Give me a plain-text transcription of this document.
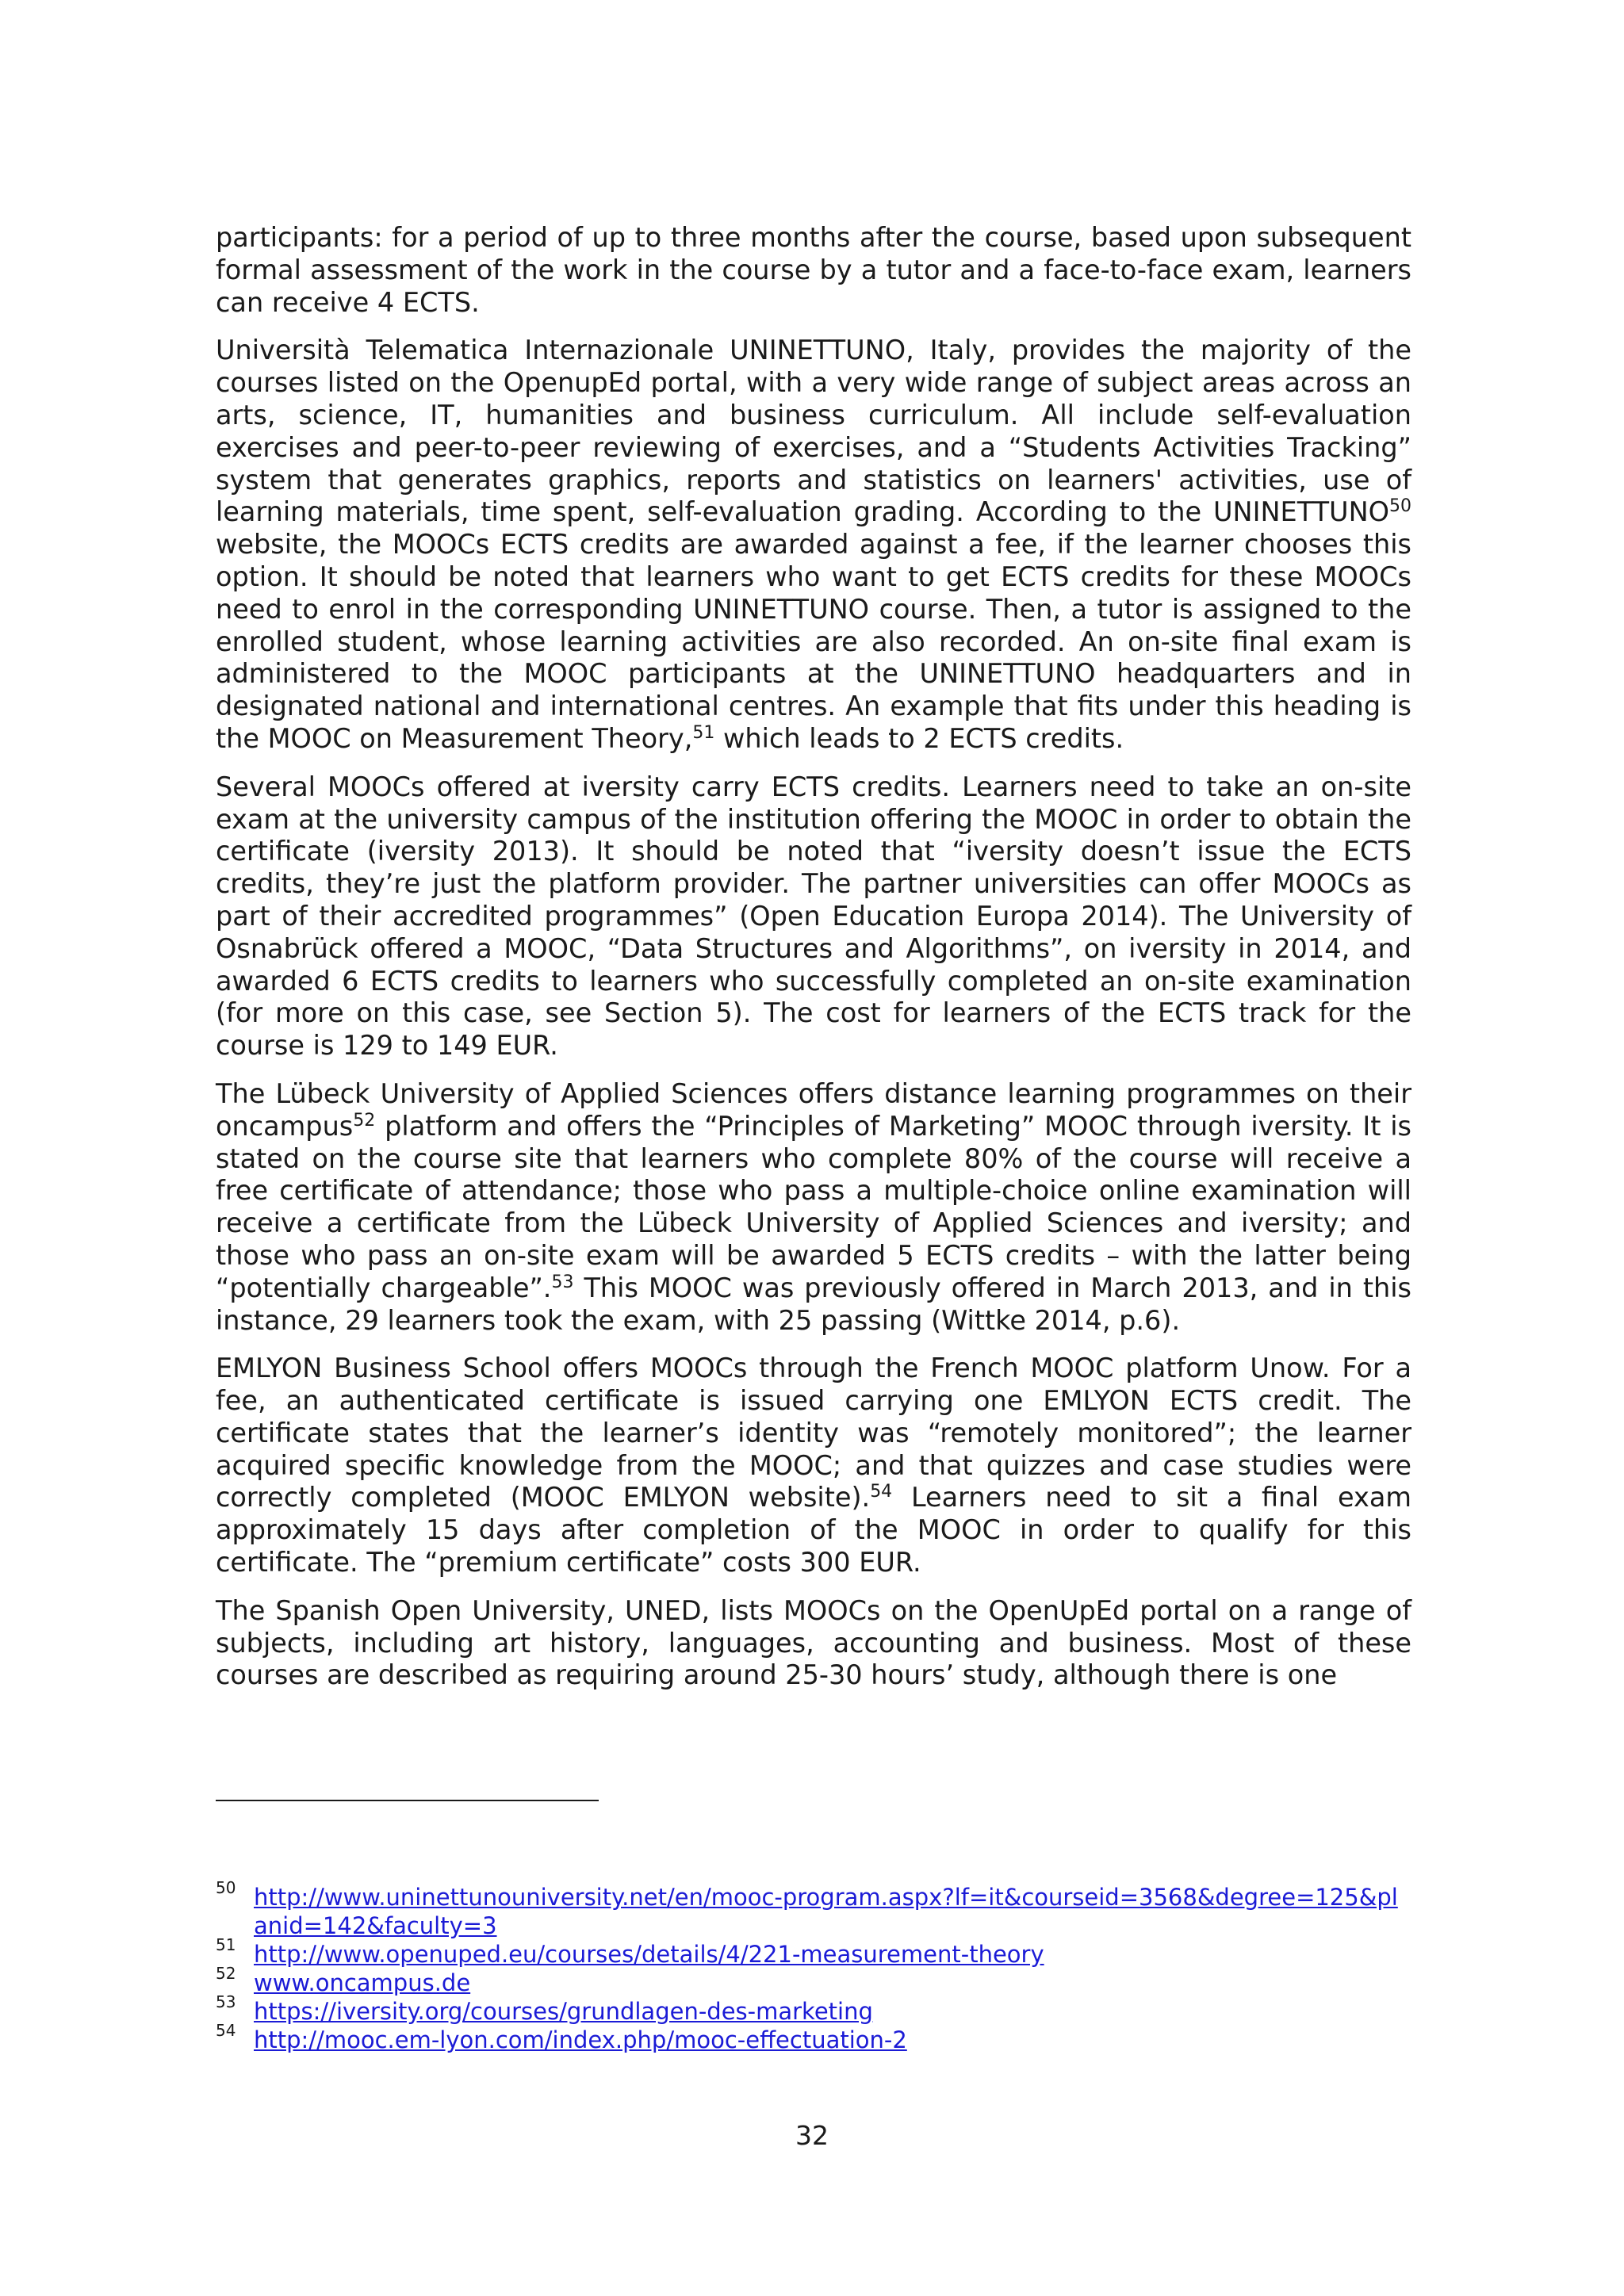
participants: for a period of up to three months after the course, based upon subsequent formal assessment of the work in the course by a tutor and a face-to-face exam, learners can receive 4 ECTS.

Università Telematica Internazionale UNINETTUNO, Italy, provides the majority of the courses listed on the OpenupEd portal, with a very wide range of subject areas across an arts, science, IT, humanities and business curriculum. All include self-evaluation exercises and peer-to-peer reviewing of exercises, and a “Students Activities Tracking” system that generates graphics, reports and statistics on learners' activities, use of learning materials, time spent, self-evaluation grading. According to the UNINETTUNO$^{50}$ website, the MOOCs ECTS credits are awarded against a fee, if the learner chooses this option. It should be noted that learners who want to get ECTS credits for these MOOCs need to enrol in the corresponding UNINETTUNO course. Then, a tutor is assigned to the enrolled student, whose learning activities are also recorded. An on-site final exam is administered to the MOOC participants at the UNINETTUNO headquarters and in designated national and international centres. An example that fits under this heading is the MOOC on Measurement Theory,$^{51}$ which leads to 2 ECTS credits.

Several MOOCs offered at iversity carry ECTS credits. Learners need to take an on-site exam at the university campus of the institution offering the MOOC in order to obtain the certificate (iversity 2013). It should be noted that “iversity doesn’t issue the ECTS credits, they’re just the platform provider. The partner universities can offer MOOCs as part of their accredited programmes” (Open Education Europa 2014). The University of Osnabrück offered a MOOC, “Data Structures and Algorithms”, on iversity in 2014, and awarded 6 ECTS credits to learners who successfully completed an on-site examination (for more on this case, see Section 5). The cost for learners of the ECTS track for the course is 129 to 149 EUR.

The Lübeck University of Applied Sciences offers distance learning programmes on their oncampus$^{52}$ platform and offers the “Principles of Marketing” MOOC through iversity. It is stated on the course site that learners who complete 80% of the course will receive a free certificate of attendance; those who pass a multiple-choice online examination will receive a certificate from the Lübeck University of Applied Sciences and iversity; and those who pass an on-site exam will be awarded 5 ECTS credits – with the latter being “potentially chargeable”.$^{53}$ This MOOC was previously offered in March 2013, and in this instance, 29 learners took the exam, with 25 passing (Wittke 2014, p.6).

EMLYON Business School offers MOOCs through the French MOOC platform Unow. For a fee, an authenticated certificate is issued carrying one EMLYON ECTS credit. The certificate states that the learner’s identity was “remotely monitored”; the learner acquired specific knowledge from the MOOC; and that quizzes and case studies were correctly completed (MOOC EMLYON website).$^{54}$ Learners need to sit a final exam approximately 15 days after completion of the MOOC in order to qualify for this certificate. The “premium certificate” costs 300 EUR.

The Spanish Open University, UNED, lists MOOCs on the OpenUpEd portal on a range of subjects, including art history, languages, accounting and business. Most of these courses are described as requiring around 25-30 hours’ study, although there is one

50 http://www.uninettunouniversity.net/en/mooc-program.aspx?lf=it&courseid=3568&degree=125&planid=142&faculty=3
51 http://www.openuped.eu/courses/details/4/221-measurement-theory
52 www.oncampus.de
53 https://iversity.org/courses/grundlagen-des-marketing
54 http://mooc.em-lyon.com/index.php/mooc-effectuation-2
32
